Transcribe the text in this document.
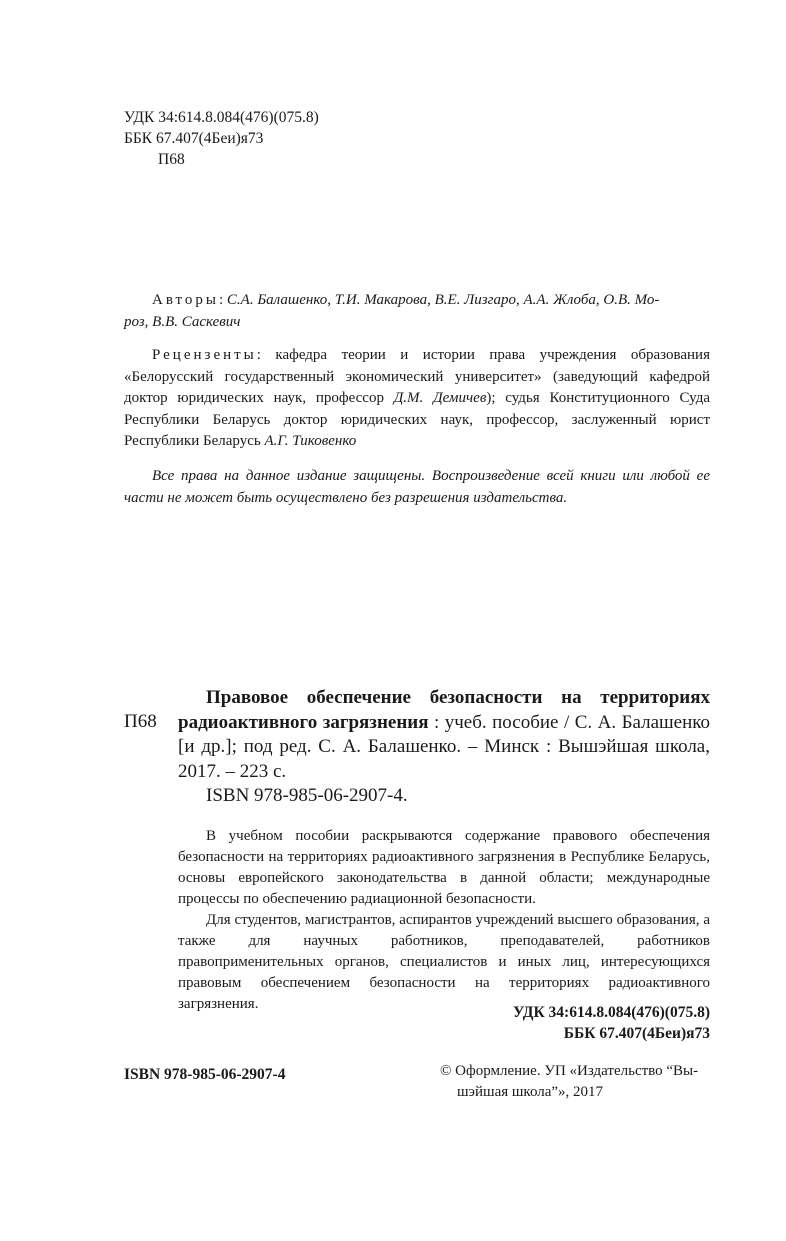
УДК 34:614.8.084(476)(075.8)
ББК 67.407(4Беи)я73
П68
Авторы: С.А. Балашенко, Т.И. Макарова, В.Е. Лизгаро, А.А. Жлоба, О.В. Мо-
роз, В.В. Саскевич
Рецензенты: кафедра теории и истории права учреждения образования «Белорусский государственный экономический университет» (заведующий кафедрой доктор юридических наук, профессор Д.М. Демичев); судья Конституционного Суда Республики Беларусь доктор юридических наук, профессор, заслуженный юрист Республики Беларусь А.Г. Тиковенко
Все права на данное издание защищены. Воспроизведение всей книги или любой ее части не может быть осуществлено без разрешения издательства.
П68
Правовое обеспечение безопасности на территориях радиоактивного загрязнения : учеб. пособие / С. А. Балашенко [и др.]; под ред. С. А. Балашенко. – Минск : Вышэйшая школа, 2017. – 223 с.
ISBN 978-985-06-2907-4.

В учебном пособии раскрываются содержание правового обеспечения безопасности на территориях радиоактивного загрязнения в Республике Беларусь, основы европейского законодательства в данной области; международные процессы по обеспечению радиационной безопасности.

Для студентов, магистрантов, аспирантов учреждений высшего образования, а также для научных работников, преподавателей, работников правоприменительных органов, специалистов и иных лиц, интересующихся правовым обеспечением безопасности на территориях радиоактивного загрязнения.	УДК 34:614.8.084(476)(075.8)
ББК 67.407(4Беи)я73
ISBN 978-985-06-2907-4	© Оформление. УП «Издательство “Вы-
шэйшая школа”», 2017
